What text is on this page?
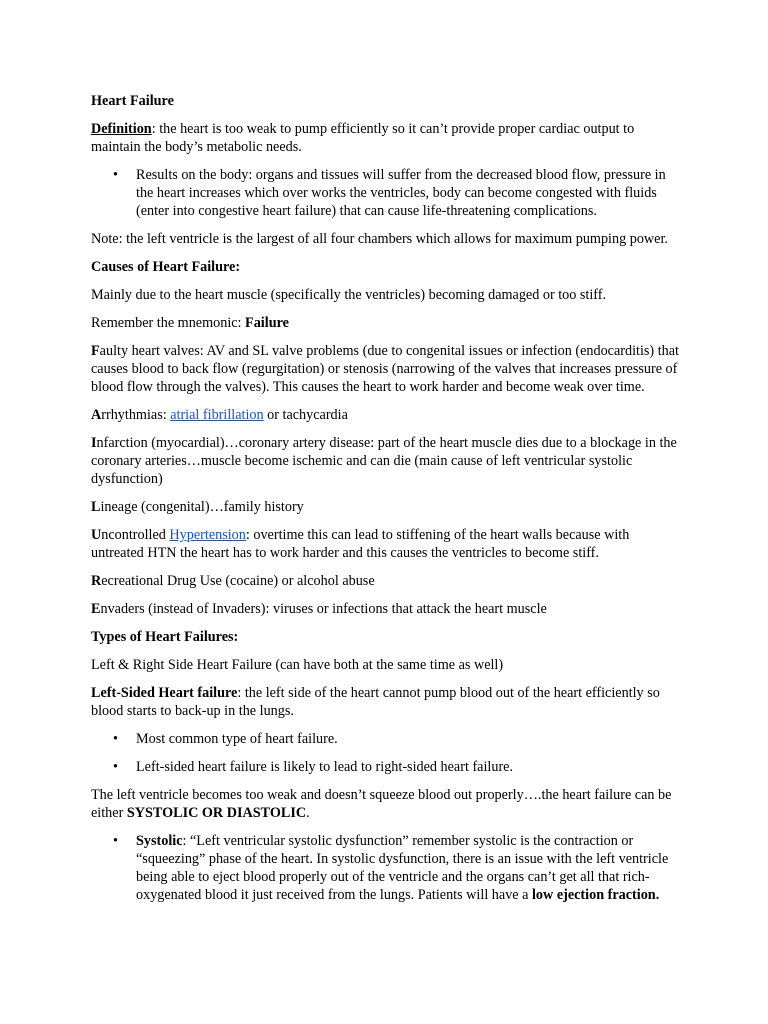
Heart Failure

Definition: the heart is too weak to pump efficiently so it can’t provide proper cardiac output to maintain the body’s metabolic needs.

• Results on the body: organs and tissues will suffer from the decreased blood flow, pressure in the heart increases which over works the ventricles, body can become congested with fluids (enter into congestive heart failure) that can cause life-threatening complications.

Note: the left ventricle is the largest of all four chambers which allows for maximum pumping power.

Causes of Heart Failure:

Mainly due to the heart muscle (specifically the ventricles) becoming damaged or too stiff.

Remember the mnemonic: Failure

Faulty heart valves: AV and SL valve problems (due to congenital issues or infection (endocarditis) that causes blood to back flow (regurgitation) or stenosis (narrowing of the valves that increases pressure of blood flow through the valves). This causes the heart to work harder and become weak over time.

Arrhythmias: atrial fibrillation or tachycardia

Infarction (myocardial)…coronary artery disease: part of the heart muscle dies due to a blockage in the coronary arteries…muscle become ischemic and can die (main cause of left ventricular systolic dysfunction)

Lineage (congenital)…family history

Uncontrolled Hypertension: overtime this can lead to stiffening of the heart walls because with untreated HTN the heart has to work harder and this causes the ventricles to become stiff.

Recreational Drug Use (cocaine) or alcohol abuse

Envaders (instead of Invaders): viruses or infections that attack the heart muscle

Types of Heart Failures:

Left & Right Side Heart Failure (can have both at the same time as well)

Left-Sided Heart failure: the left side of the heart cannot pump blood out of the heart efficiently so blood starts to back-up in the lungs.

• Most common type of heart failure.
• Left-sided heart failure is likely to lead to right-sided heart failure.

The left ventricle becomes too weak and doesn’t squeeze blood out properly….the heart failure can be either SYSTOLIC OR DIASTOLIC.

• Systolic: “Left ventricular systolic dysfunction” remember systolic is the contraction or “squeezing” phase of the heart. In systolic dysfunction, there is an issue with the left ventricle being able to eject blood properly out of the ventricle and the organs can’t get all that rich-oxygenated blood it just received from the lungs. Patients will have a low ejection fraction.
